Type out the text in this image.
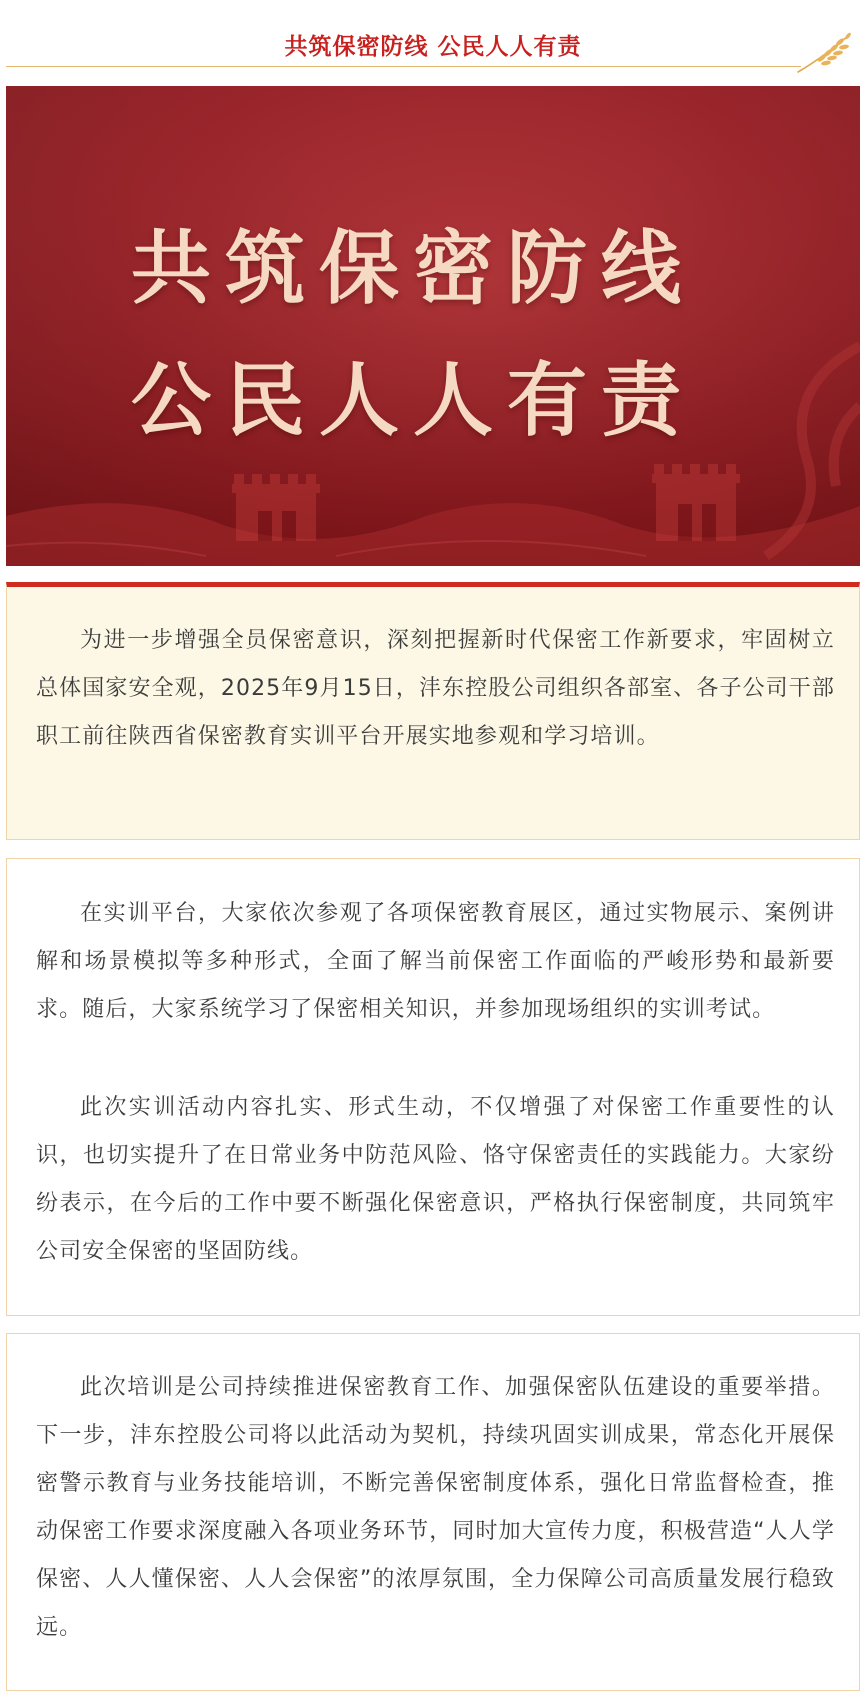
共筑保密防线 公民人人有责
共筑保密防线
公民人人有责

为进一步增强全员保密意识，深刻把握新时代保密工作新要求，牢固树立总体国家安全观，2025年9月15日，沣东控股公司组织各部室、各子公司干部职工前往陕西省保密教育实训平台开展实地参观和学习培训。

在实训平台，大家依次参观了各项保密教育展区，通过实物展示、案例讲解和场景模拟等多种形式，全面了解当前保密工作面临的严峻形势和最新要求。随后，大家系统学习了保密相关知识，并参加现场组织的实训考试。

此次实训活动内容扎实、形式生动，不仅增强了对保密工作重要性的认识，也切实提升了在日常业务中防范风险、恪守保密责任的实践能力。大家纷纷表示，在今后的工作中要不断强化保密意识，严格执行保密制度，共同筑牢公司安全保密的坚固防线。

此次培训是公司持续推进保密教育工作、加强保密队伍建设的重要举措。下一步，沣东控股公司将以此活动为契机，持续巩固实训成果，常态化开展保密警示教育与业务技能培训，不断完善保密制度体系，强化日常监督检查，推动保密工作要求深度融入各项业务环节，同时加大宣传力度，积极营造“人人学保密、人人懂保密、人人会保密”的浓厚氛围，全力保障公司高质量发展行稳致远。
